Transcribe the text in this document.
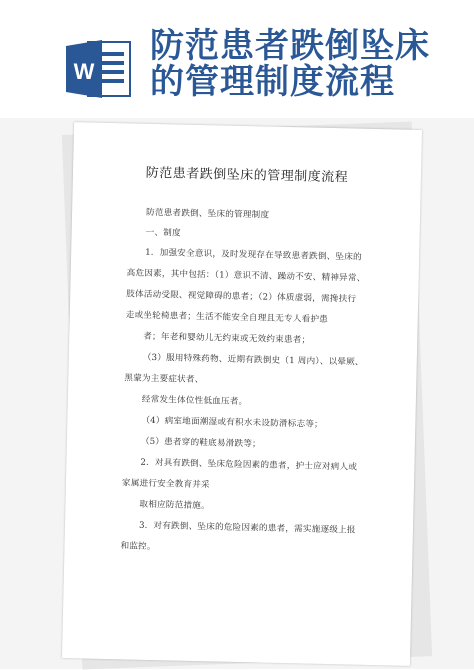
W
防范患者跌倒坠床的管理制度流程
防范患者跌倒坠床的管理制度流程
防范患者跌倒、坠床的管理制度
一、制度
1．加强安全意识，及时发现存在导致患者跌倒、坠床的
高危因素，其中包括：（1）意识不清、躁动不安、精神异常、
肢体活动受限、视觉障碍的患者；（2）体质虚弱，需搀扶行
走或坐轮椅患者；生活不能安全自理且无专人看护患
者；年老和婴幼儿无约束或无效约束患者；
（3）服用特殊药物、近期有跌倒史（1 周内）、以晕厥、
黑蒙为主要症状者、
经常发生体位性低血压者。
（4）病室地面潮湿或有积水未设防滑标志等；
（5）患者穿的鞋底易滑跌等；
2．对具有跌倒、坠床危险因素的患者，护士应对病人或
家属进行安全教育并采
取相应防范措施。
3．对有跌倒、坠床的危险因素的患者，需实施逐级上报
和监控。
